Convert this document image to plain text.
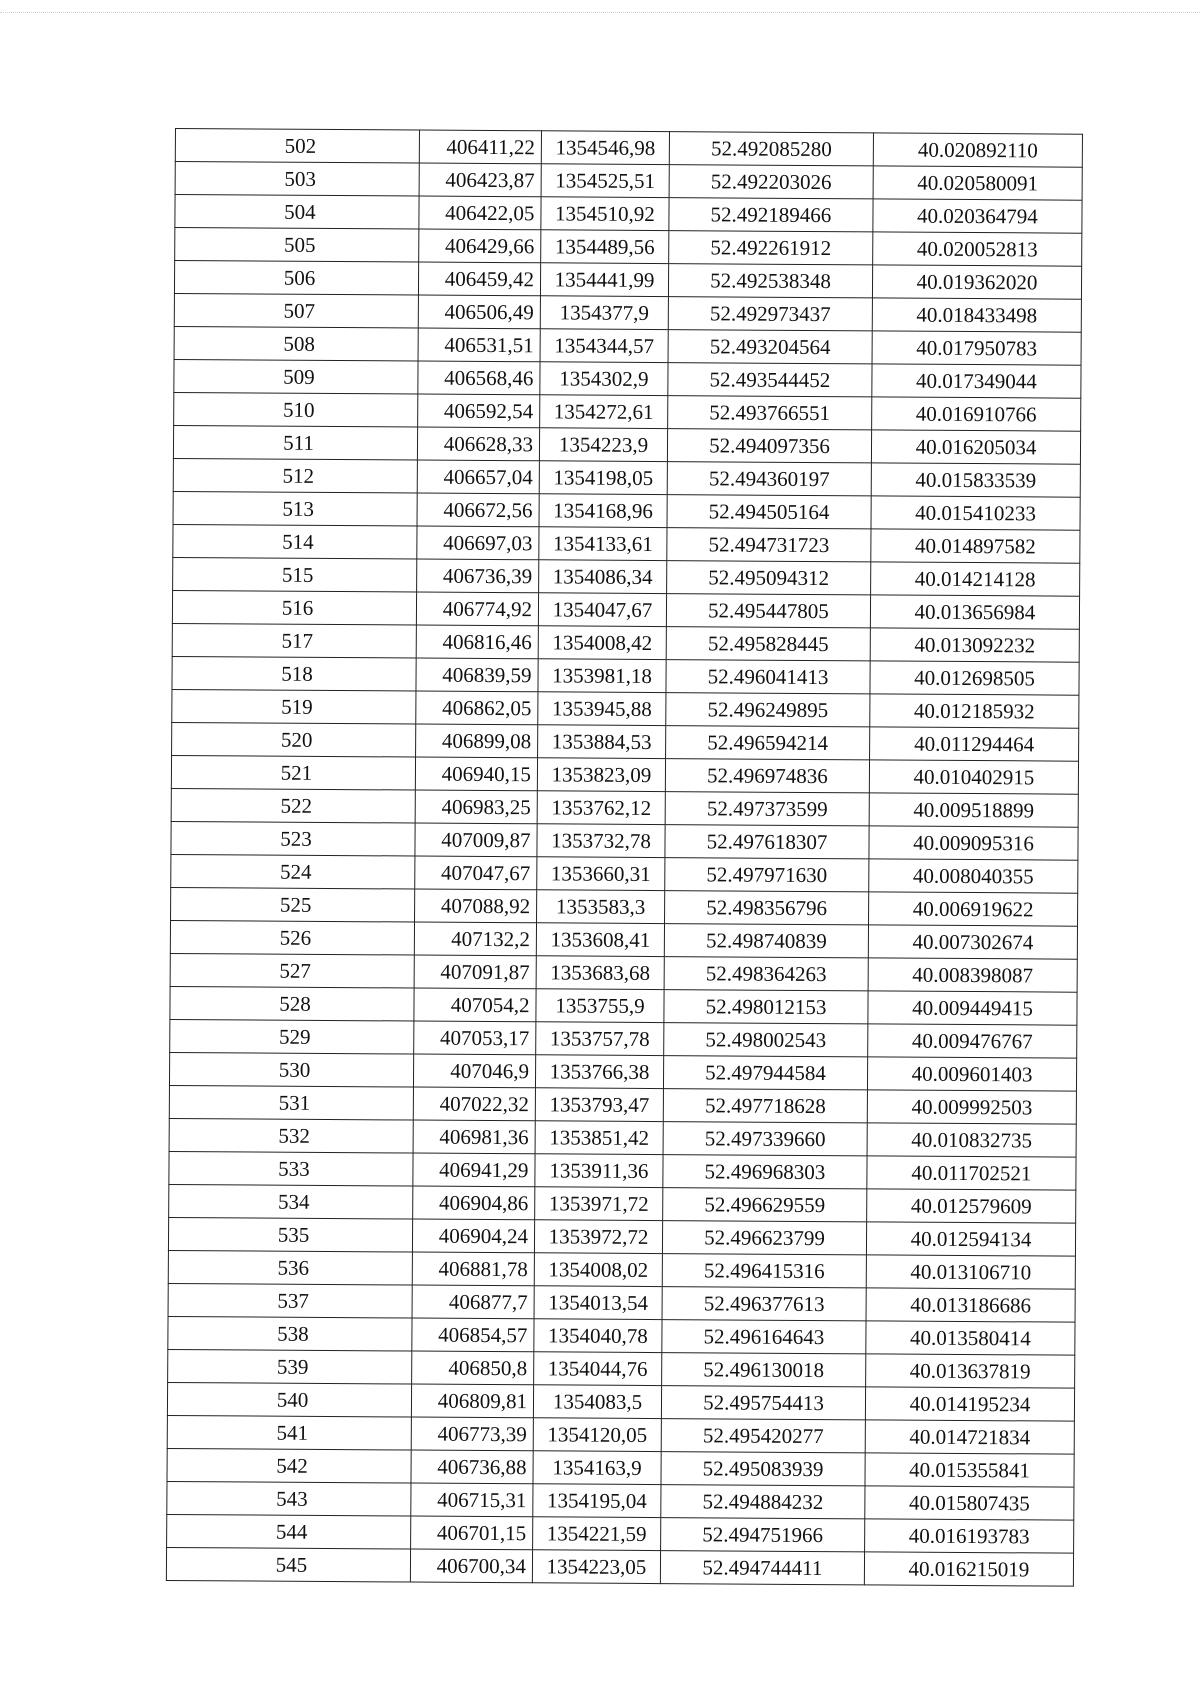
502	406411,22	1354546,98	52.492085280	40.020892110
503	406423,87	1354525,51	52.492203026	40.020580091
504	406422,05	1354510,92	52.492189466	40.020364794
505	406429,66	1354489,56	52.492261912	40.020052813
506	406459,42	1354441,99	52.492538348	40.019362020
507	406506,49	1354377,9	52.492973437	40.018433498
508	406531,51	1354344,57	52.493204564	40.017950783
509	406568,46	1354302,9	52.493544452	40.017349044
510	406592,54	1354272,61	52.493766551	40.016910766
511	406628,33	1354223,9	52.494097356	40.016205034
512	406657,04	1354198,05	52.494360197	40.015833539
513	406672,56	1354168,96	52.494505164	40.015410233
514	406697,03	1354133,61	52.494731723	40.014897582
515	406736,39	1354086,34	52.495094312	40.014214128
516	406774,92	1354047,67	52.495447805	40.013656984
517	406816,46	1354008,42	52.495828445	40.013092232
518	406839,59	1353981,18	52.496041413	40.012698505
519	406862,05	1353945,88	52.496249895	40.012185932
520	406899,08	1353884,53	52.496594214	40.011294464
521	406940,15	1353823,09	52.496974836	40.010402915
522	406983,25	1353762,12	52.497373599	40.009518899
523	407009,87	1353732,78	52.497618307	40.009095316
524	407047,67	1353660,31	52.497971630	40.008040355
525	407088,92	1353583,3	52.498356796	40.006919622
526	407132,2	1353608,41	52.498740839	40.007302674
527	407091,87	1353683,68	52.498364263	40.008398087
528	407054,2	1353755,9	52.498012153	40.009449415
529	407053,17	1353757,78	52.498002543	40.009476767
530	407046,9	1353766,38	52.497944584	40.009601403
531	407022,32	1353793,47	52.497718628	40.009992503
532	406981,36	1353851,42	52.497339660	40.010832735
533	406941,29	1353911,36	52.496968303	40.011702521
534	406904,86	1353971,72	52.496629559	40.012579609
535	406904,24	1353972,72	52.496623799	40.012594134
536	406881,78	1354008,02	52.496415316	40.013106710
537	406877,7	1354013,54	52.496377613	40.013186686
538	406854,57	1354040,78	52.496164643	40.013580414
539	406850,8	1354044,76	52.496130018	40.013637819
540	406809,81	1354083,5	52.495754413	40.014195234
541	406773,39	1354120,05	52.495420277	40.014721834
542	406736,88	1354163,9	52.495083939	40.015355841
543	406715,31	1354195,04	52.494884232	40.015807435
544	406701,15	1354221,59	52.494751966	40.016193783
545	406700,34	1354223,05	52.494744411	40.016215019
